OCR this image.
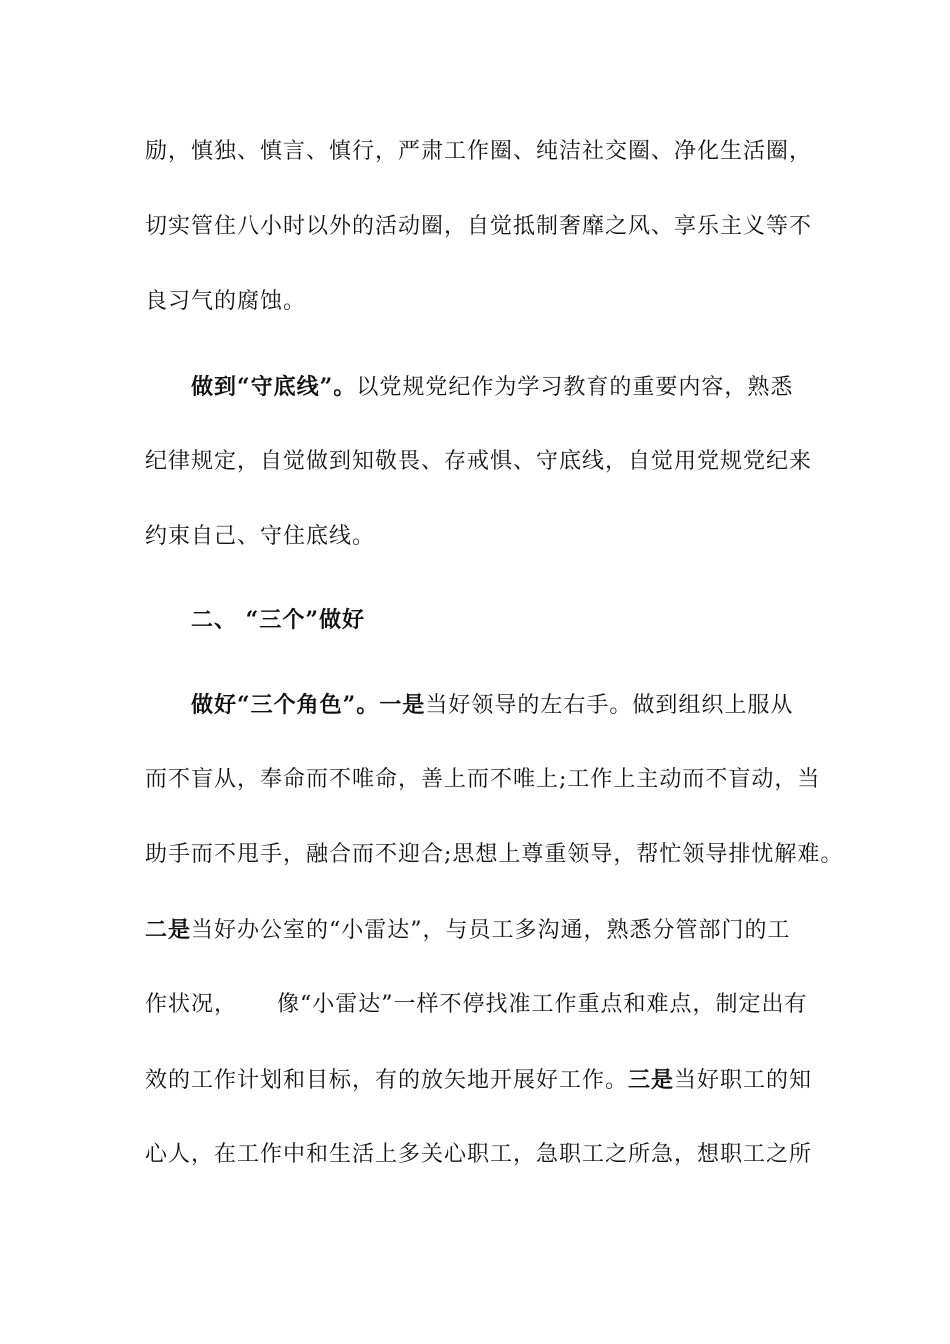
励，慎独、慎言、慎行，严肃工作圈、纯洁社交圈、净化生活圈，
切实管住八小时以外的活动圈，自觉抵制奢靡之风、享乐主义等不
良习气的腐蚀。
做到“守底线”。以党规党纪作为学习教育的重要内容，熟悉
纪律规定，自觉做到知敬畏、存戒惧、守底线，自觉用党规党纪来
约束自己、守住底线。
二、 “三个”做好
做好“三个角色”。一是当好领导的左右手。做到组织上服从
而不盲从，奉命而不唯命，善上而不唯上;工作上主动而不盲动，当
助手而不甩手，融合而不迎合;思想上尊重领导，帮忙领导排忧解难。
二是当好办公室的“小雷达”，与员工多沟通，熟悉分管部门的工
作状况， 像“小雷达”一样不停找准工作重点和难点，制定出有
效的工作计划和目标，有的放矢地开展好工作。三是当好职工的知
心人，在工作中和生活上多关心职工，急职工之所急，想职工之所
